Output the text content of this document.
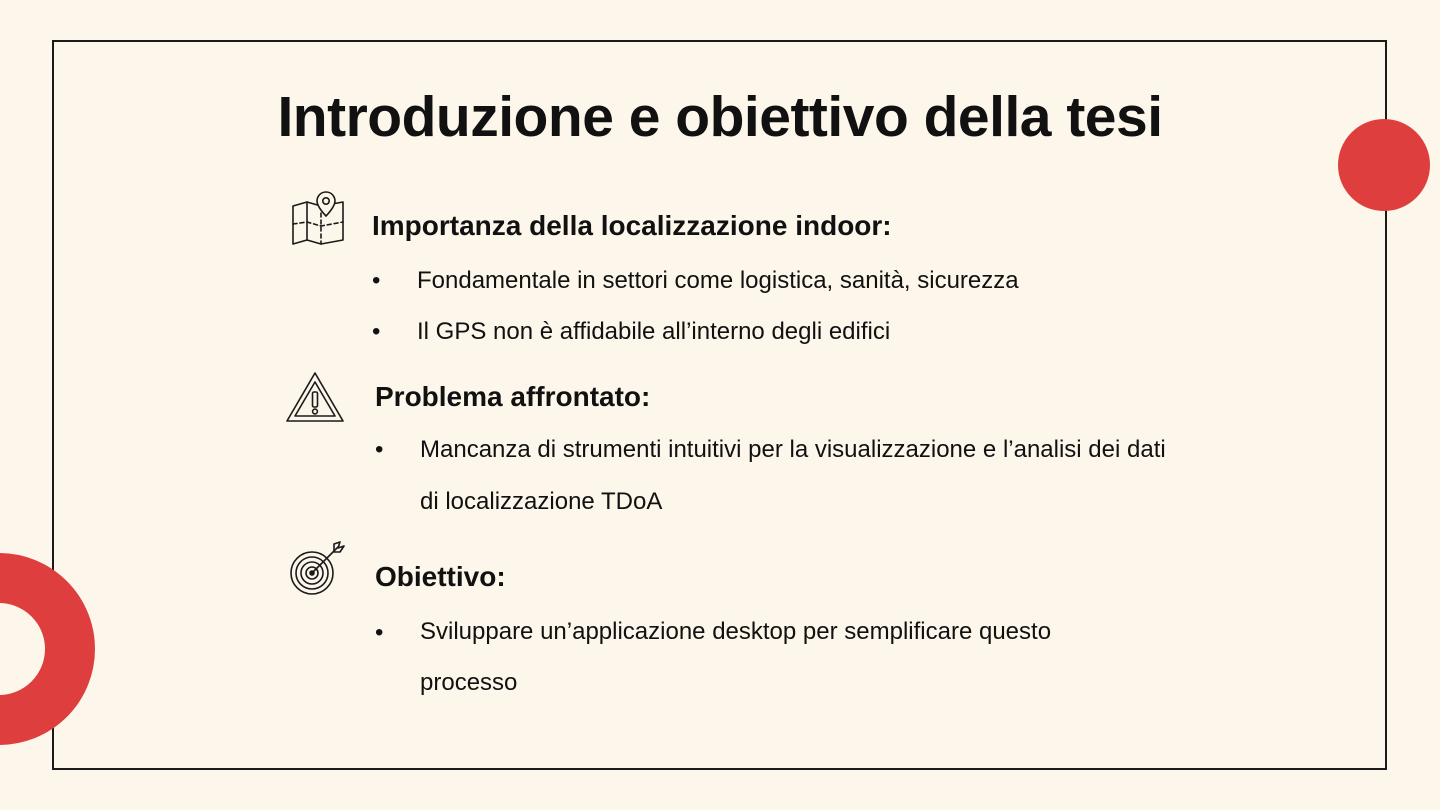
Introduzione e obiettivo della tesi
Importanza della localizzazione indoor:
• Fondamentale in settori come logistica, sanità, sicurezza
• Il GPS non è affidabile all’interno degli edifici
Problema affrontato:
• Mancanza di strumenti intuitivi per la visualizzazione e l’analisi dei dati
di localizzazione TDoA
Obiettivo:
• Sviluppare un’applicazione desktop per semplificare questo
processo
